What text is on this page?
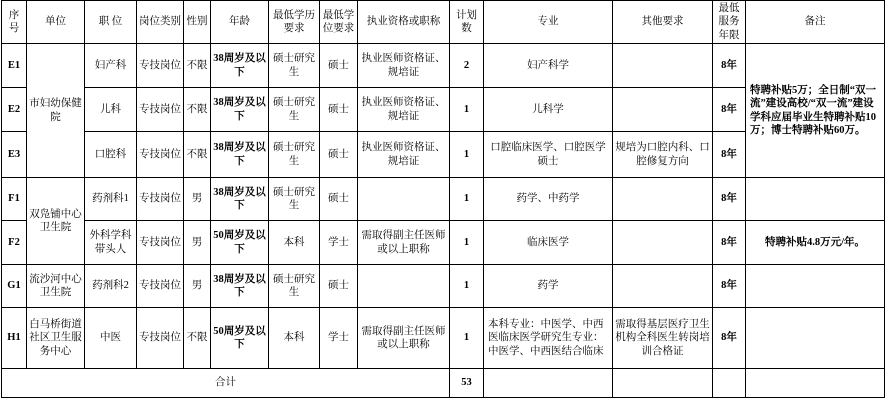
序号	单位	职 位	岗位类别	性别	年龄	最低学历要求	最低学位要求	执业资格或职称	计划数	专业	其他要求	最低服务年限	备注
E1	市妇幼保健院	妇产科	专技岗位	不限	38周岁及以下	硕士研究生	硕士	执业医师资格证、规培证	2	妇产科学		8年	特聘补贴5万；全日制“双一流”建设高校/“双一流”建设学科应届毕业生特聘补贴10万；博士特聘补贴60万。
E2		儿科	专技岗位	不限	38周岁及以下	硕士研究生	硕士	执业医师资格证、规培证	1	儿科学		8年	
E3		口腔科	专技岗位	不限	38周岁及以下	硕士研究生	硕士	执业医师资格证、规培证	1	口腔临床医学、口腔医学硕士	规培为口腔内科、口腔修复方向	8年	
F1	双凫铺中心卫生院	药剂科1	专技岗位	男	38周岁及以下	硕士研究生	硕士		1	药学、中药学		8年	
F2		外科学科带头人	专技岗位	男	50周岁及以下	本科	学士	需取得副主任医师或以上职称	1	临床医学		8年	特聘补贴4.8万元/年。
G1	流沙河中心卫生院	药剂科2	专技岗位	男	38周岁及以下	硕士研究生	硕士		1	药学		8年	
H1	白马桥街道社区卫生服务中心	中医	专技岗位	不限	50周岁及以下	本科	学士	需取得副主任医师或以上职称	1	本科专业：中医学、中西医临床医学研究生专业：中医学、中西医结合临床	需取得基层医疗卫生机构全科医生转岗培训合格证	8年	
合计									53				
